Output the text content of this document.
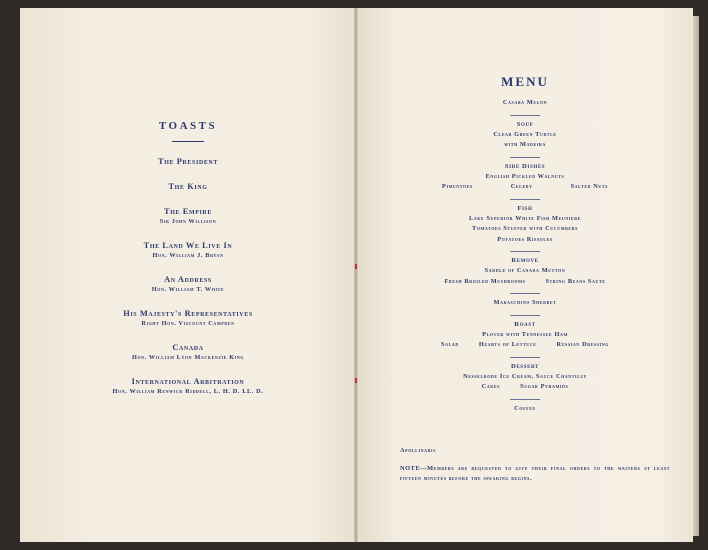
TOASTS
The President
The King
The Empire
Sir John Willison
The Land We Live In
Hon. William J. Bryan
An Address
Hon. William T. White
His Majesty's Representatives
Right Hon. Viscount Campden
Canada
Hon. William Lyon Mackenzie King
International Arbitration
Hon. William Renwick Riddell, L. H. D. LL. D.
MENU
Casaba Melon
Soup
Clear Green Turtle
with Madeira
Side Dishes
English Pickled Walnuts
Pimentoes	Celery	Salted Nuts
Fish
Lake Superior White Fish Meuniere
Tomatoes Stuffed with Cucumbers
Potatoes Rissoles
Remove
Saddle of Canada Mutton
Fresh Broiled Mushrooms	String Beans Saute
Maraschino Sherbet
Roast
Plover with Tennessee Ham
Salad	Hearts of Lettuce	Russian Dressing
Dessert
Nesselrode Ice Cream, Sauce Chantilly
Cakes	Sugar Pyramids
Coffee
Apollinaris
NOTE—Members are requested to give their final orders to the waiters at least fifteen minutes before the speaking begins.
